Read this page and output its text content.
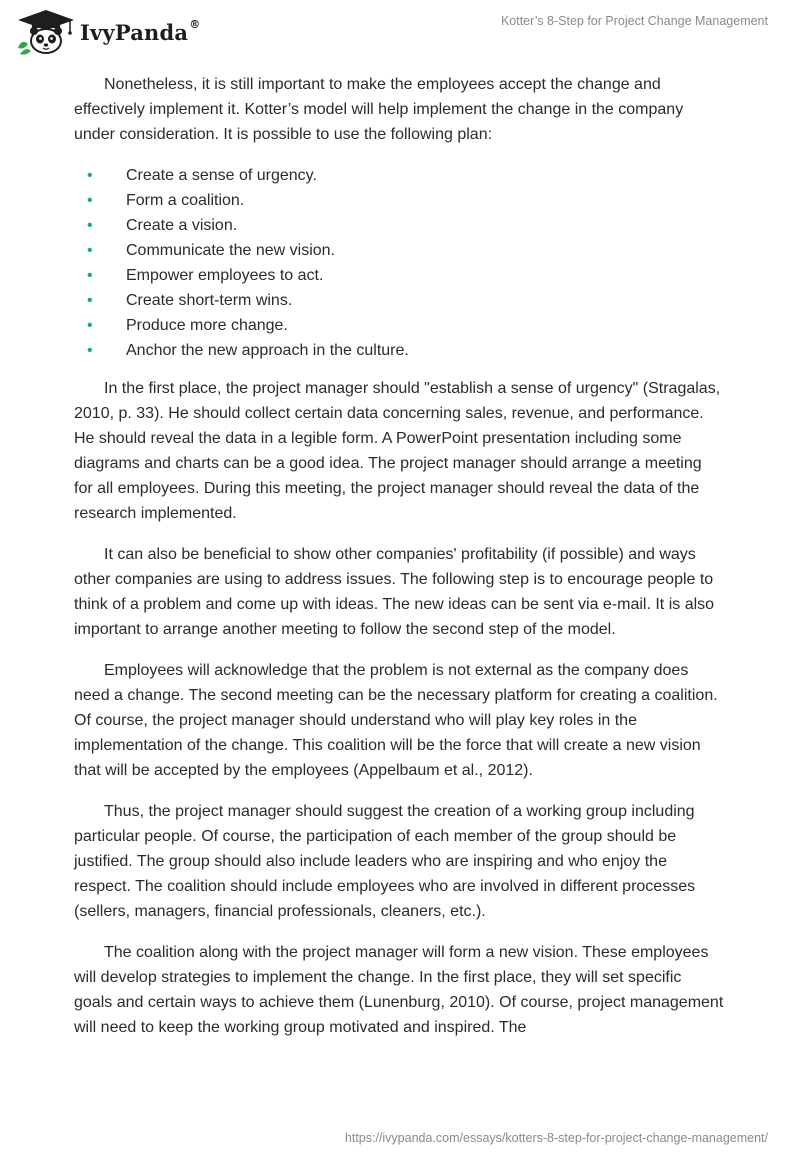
IvyPanda®	Kotter’s 8-Step for Project Change Management

Nonetheless, it is still important to make the employees accept the change and effectively implement it. Kotter’s model will help implement the change in the company under consideration. It is possible to use the following plan:

• Create a sense of urgency.
• Form a coalition.
• Create a vision.
• Communicate the new vision.
• Empower employees to act.
• Create short-term wins.
• Produce more change.
• Anchor the new approach in the culture.

In the first place, the project manager should "establish a sense of urgency" (Stragalas, 2010, p. 33). He should collect certain data concerning sales, revenue, and performance. He should reveal the data in a legible form. A PowerPoint presentation including some diagrams and charts can be a good idea. The project manager should arrange a meeting for all employees. During this meeting, the project manager should reveal the data of the research implemented.

It can also be beneficial to show other companies' profitability (if possible) and ways other companies are using to address issues. The following step is to encourage people to think of a problem and come up with ideas. The new ideas can be sent via e-mail. It is also important to arrange another meeting to follow the second step of the model.

Employees will acknowledge that the problem is not external as the company does need a change. The second meeting can be the necessary platform for creating a coalition. Of course, the project manager should understand who will play key roles in the implementation of the change. This coalition will be the force that will create a new vision that will be accepted by the employees (Appelbaum et al., 2012).

Thus, the project manager should suggest the creation of a working group including particular people. Of course, the participation of each member of the group should be justified. The group should also include leaders who are inspiring and who enjoy the respect. The coalition should include employees who are involved in different processes (sellers, managers, financial professionals, cleaners, etc.).

The coalition along with the project manager will form a new vision. These employees will develop strategies to implement the change. In the first place, they will set specific goals and certain ways to achieve them (Lunenburg, 2010). Of course, project management will need to keep the working group motivated and inspired. The

https://ivypanda.com/essays/kotters-8-step-for-project-change-management/
